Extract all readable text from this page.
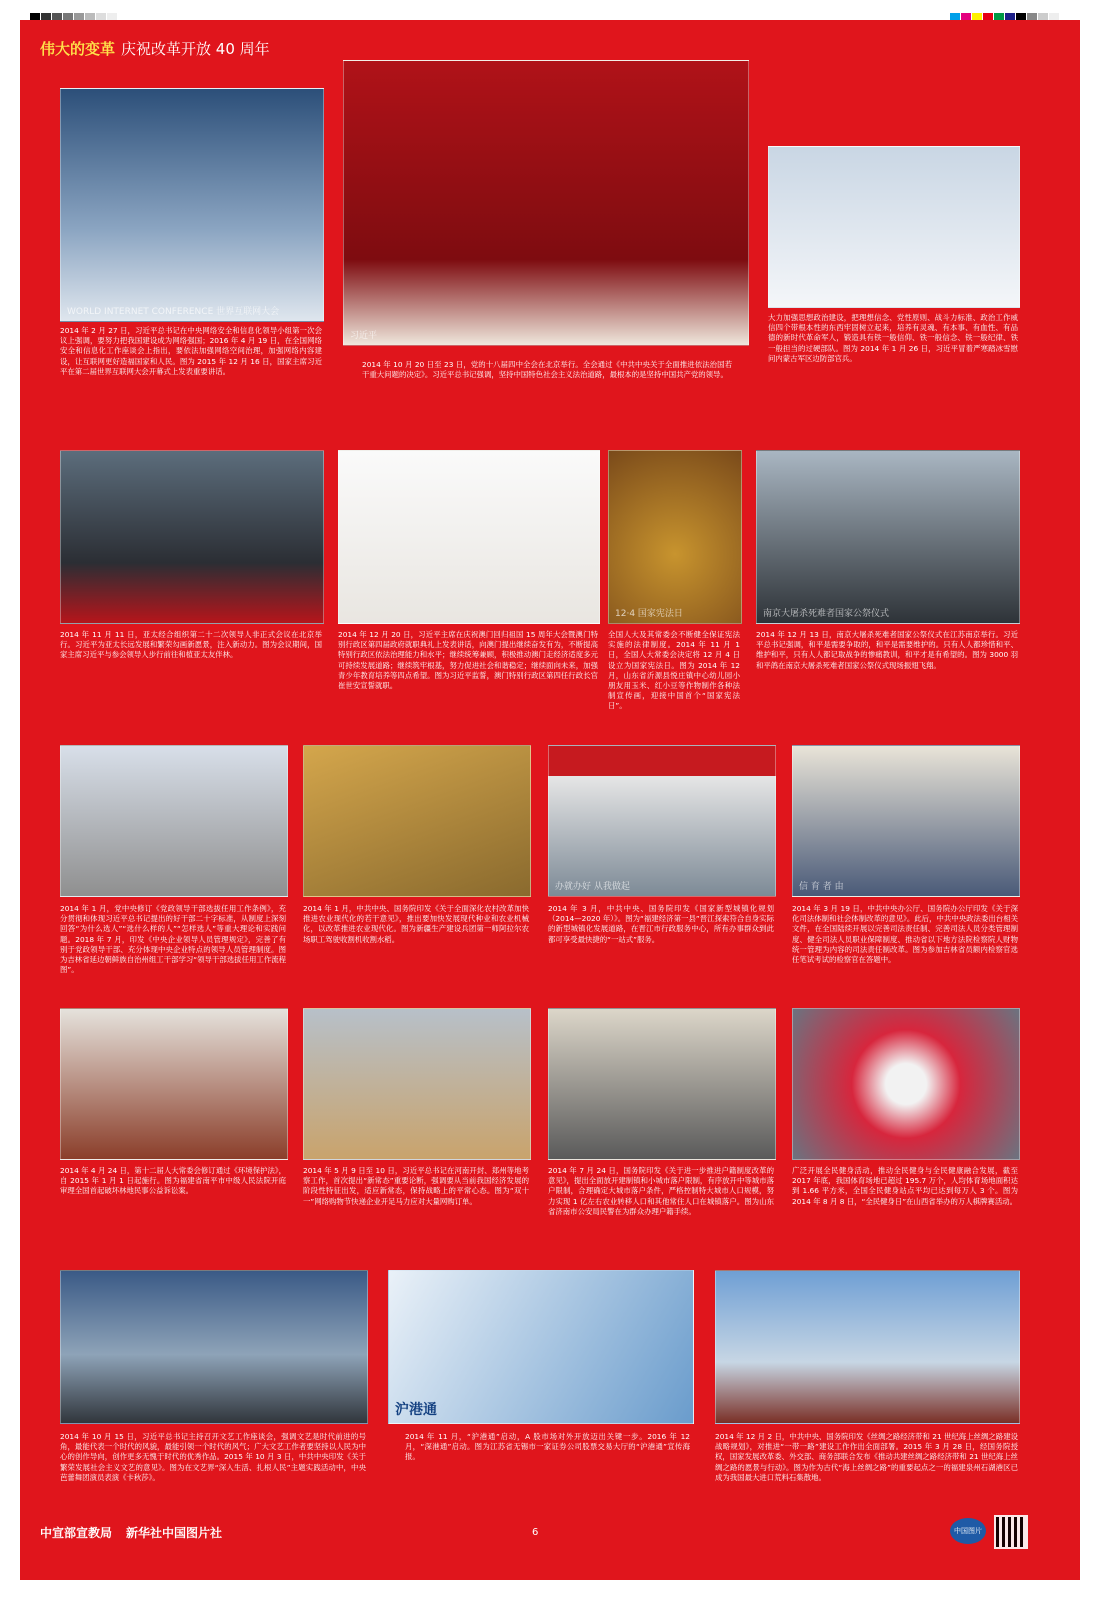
伟大的变革 庆祝改革开放 40 周年
WORLD INTERNET CONFERENCE 世界互联网大会

2014 年 2 月 27 日，习近平总书记在中央网络安全和信息化领导小组第一次会议上强调，要努力把我国建设成为网络强国；2016 年 4 月 19 日，在全国网络安全和信息化工作座谈会上指出，要依法加强网络空间治理，加强网络内容建设，让互联网更好造福国家和人民。图为 2015 年 12 月 16 日，国家主席习近平在第二届世界互联网大会开幕式上发表重要讲话。

习近平

2014 年 10 月 20 日至 23 日，党的十八届四中全会在北京举行。全会通过《中共中央关于全面推进依法治国若干重大问题的决定》。习近平总书记强调，坚持中国特色社会主义法治道路，最根本的是坚持中国共产党的领导。

大力加强思想政治建设，把理想信念、党性原则、战斗力标准、政治工作威信四个带根本性的东西牢固树立起来，培养有灵魂、有本事、有血性、有品德的新时代革命军人，锻造具有铁一般信仰、铁一般信念、铁一般纪律、铁一般担当的过硬部队。图为 2014 年 1 月 26 日，习近平冒着严寒踏冰雪慰问内蒙古军区边防部官兵。

2014 年 11 月 11 日，亚太经合组织第二十二次领导人非正式会议在北京举行。习近平为亚太长远发展和繁荣勾画新愿景，注入新动力。图为会议期间，国家主席习近平与参会领导人步行前往和植亚太友伴林。

2014 年 12 月 20 日，习近平主席在庆祝澳门回归祖国 15 周年大会暨澳门特别行政区第四届政府就职典礼上发表讲话，向澳门提出继续奋发有为，不断提高特别行政区依法治理能力和水平；继续统筹兼顾，积极推动澳门走经济适度多元可持续发展道路；继续筑牢根基，努力促进社会和谐稳定；继续面向未来，加强青少年教育培养等四点希望。图为习近平监誓，澳门特别行政区第四任行政长官崔世安宣誓就职。

12·4 国家宪法日

全国人大及其常委会不断健全保证宪法实施的法律制度。2014 年 11 月 1 日，全国人大常委会决定将 12 月 4 日设立为国家宪法日。图为 2014 年 12 月，山东省沂源县悦庄镇中心幼儿园小朋友用玉米、红小豆等作物制作各种法制宣传画，迎接中国首个“国家宪法日”。

南京大屠杀死难者国家公祭仪式

2014 年 12 月 13 日，南京大屠杀死难者国家公祭仪式在江苏南京举行。习近平总书记强调，和平是需要争取的，和平是需要维护的。只有人人都珍惜和平、维护和平，只有人人都记取战争的惨痛教训，和平才是有希望的。图为 3000 羽和平鸽在南京大屠杀死难者国家公祭仪式现场振翅飞翔。

2014 年 1 月，党中央修订《党政领导干部选拔任用工作条例》，充分贯彻和体现习近平总书记提出的好干部二十字标准，从制度上深刻回答“为什么选人”“选什么样的人”“怎样选人”等重大理论和实践问题。2018 年 7 月，印发《中央企业领导人员管理规定》，完善了有别于党政领导干部、充分体现中央企业特点的领导人员管理制度。图为吉林省延边朝鲜族自治州组工干部学习“领导干部选拔任用工作流程图”。

2014 年 1 月，中共中央、国务院印发《关于全面深化农村改革加快推进农业现代化的若干意见》，推出要加快发展现代种业和农业机械化，以改革推进农业现代化。图为新疆生产建设兵团第一师阿拉尔农场职工驾驶收割机收割水稻。

办就办好 从我做起

2014 年 3 月，中共中央、国务院印发《国家新型城镇化规划（2014—2020 年）》。图为“福建经济第一县”晋江探索符合自身实际的新型城镇化发展道路，在晋江市行政服务中心，所有办事群众到此都可享受最快捷的“一站式”服务。

信 育 者 由

2014 年 3 月 19 日，中共中央办公厅、国务院办公厅印发《关于深化司法体制和社会体制改革的意见》。此后，中共中央政法委出台相关文件，在全国陆续开展以完善司法责任制、完善司法人员分类管理制度、健全司法人员职业保障制度、推动省以下地方法院检察院人财物统一管理为内容的司法责任制改革。图为参加吉林省员额内检察官选任笔试考试的检察官在答题中。

2014 年 4 月 24 日，第十二届人大常委会修订通过《环境保护法》，自 2015 年 1 月 1 日起施行。图为福建省南平市中级人民法院开庭审理全国首起破坏林地民事公益诉讼案。

2014 年 5 月 9 日至 10 日，习近平总书记在河南开封、郑州等地考察工作，首次提出“新常态”重要论断，强调要从当前我国经济发展的阶段性特征出发，适应新常态，保持战略上的平常心态。图为“双十一”网络购物节快递企业开足马力应对大量网购订单。

2014 年 7 月 24 日，国务院印发《关于进一步推进户籍制度改革的意见》，提出全面放开建制镇和小城市落户限制，有序放开中等城市落户限制，合理确定大城市落户条件，严格控制特大城市人口规模，努力实现 1 亿左右农业转移人口和其他常住人口在城镇落户。图为山东省济南市公安局民警在为群众办理户籍手续。

广泛开展全民健身活动，推动全民健身与全民健康融合发展，截至 2017 年底，我国体育场地已超过 195.7 万个，人均体育场地面积达到 1.66 平方米，全国全民健身站点平均已达到每万人 3 个。图为 2014 年 8 月 8 日，“全民健身日”在山西省举办的万人棋牌赛活动。

2014 年 10 月 15 日，习近平总书记主持召开文艺工作座谈会，强调文艺是时代前进的号角，最能代表一个时代的风貌，最能引领一个时代的风气；广大文艺工作者要坚持以人民为中心的创作导向，创作更多无愧于时代的优秀作品。2015 年 10 月 3 日，中共中央印发《关于繁荣发展社会主义文艺的意见》。图为在文艺界“深入生活、扎根人民”主题实践活动中，中央芭蕾舞团演员表演《卡秋莎》。

沪港通

2014 年 11 月，“沪港通”启动，A 股市场对外开放迈出关键一步。2016 年 12 月，“深港通”启动。图为江苏省无锡市一家证券公司股票交易大厅的“沪港通”宣传海报。

2014 年 12 月 2 日，中共中央、国务院印发《丝绸之路经济带和 21 世纪海上丝绸之路建设战略规划》，对推进“一带一路”建设工作作出全面部署。2015 年 3 月 28 日，经国务院授权，国家发展改革委、外交部、商务部联合发布《推动共建丝绸之路经济带和 21 世纪海上丝绸之路的愿景与行动》。图为作为古代“海上丝绸之路”的重要起点之一的福建泉州石湖港区已成为我国最大进口荒料石集散地。

中宣部宣教局 新华社中国图片社	6	中国图片
